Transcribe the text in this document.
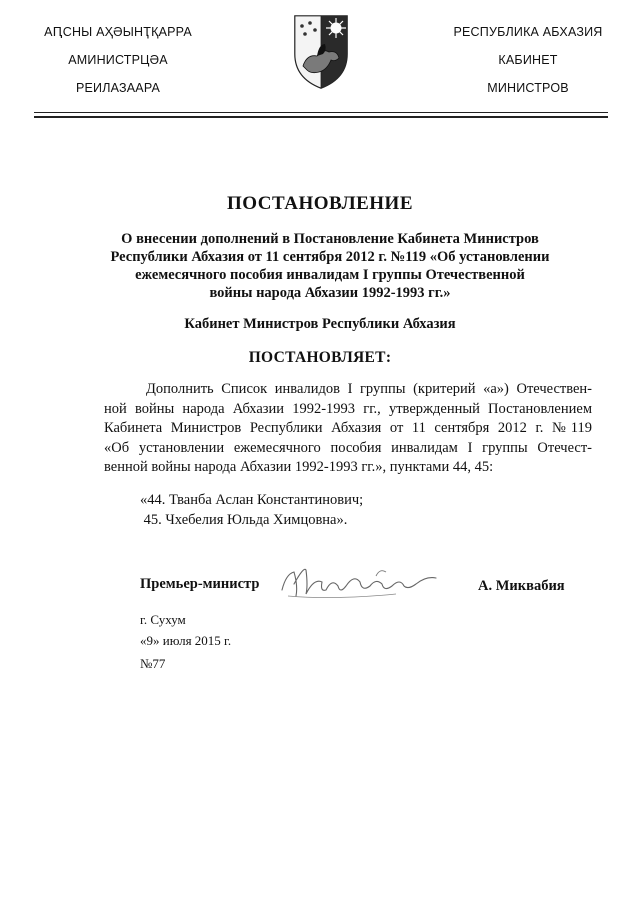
АԤСНЫ АҲӘЫНҬҚАРРА
АМИНИСТРЦӘА
РЕИЛАЗААРА
РЕСПУБЛИКА АБХАЗИЯ
КАБИНЕТ
МИНИСТРОВ
ПОСТАНОВЛЕНИЕ
О внесении дополнений в Постановление Кабинета Министров
Республики Абхазия от 11 сентября 2012 г. №119 «Об установлении
ежемесячного пособия инвалидам I группы Отечественной
войны народа Абхазии 1992-1993 гг.»
Кабинет Министров Республики Абхазия
ПОСТАНОВЛЯЕТ:
Дополнить Список инвалидов I группы (критерий «а») Отечествен-
ной войны народа Абхазии 1992-1993 гг., утвержденный Постановлением
Кабинета Министров Республики Абхазия от 11 сентября 2012 г. №119
«Об установлении ежемесячного пособия инвалидам I группы Отечест-
венной войны народа Абхазии 1992-1993 гг.», пунктами 44, 45:
«44. Тванба Аслан Константинович;
45. Чхебелия Юльда Химцовна».
Премьер-министр	А. Миквабия
г. Сухум
«9» июля 2015 г.
№77
